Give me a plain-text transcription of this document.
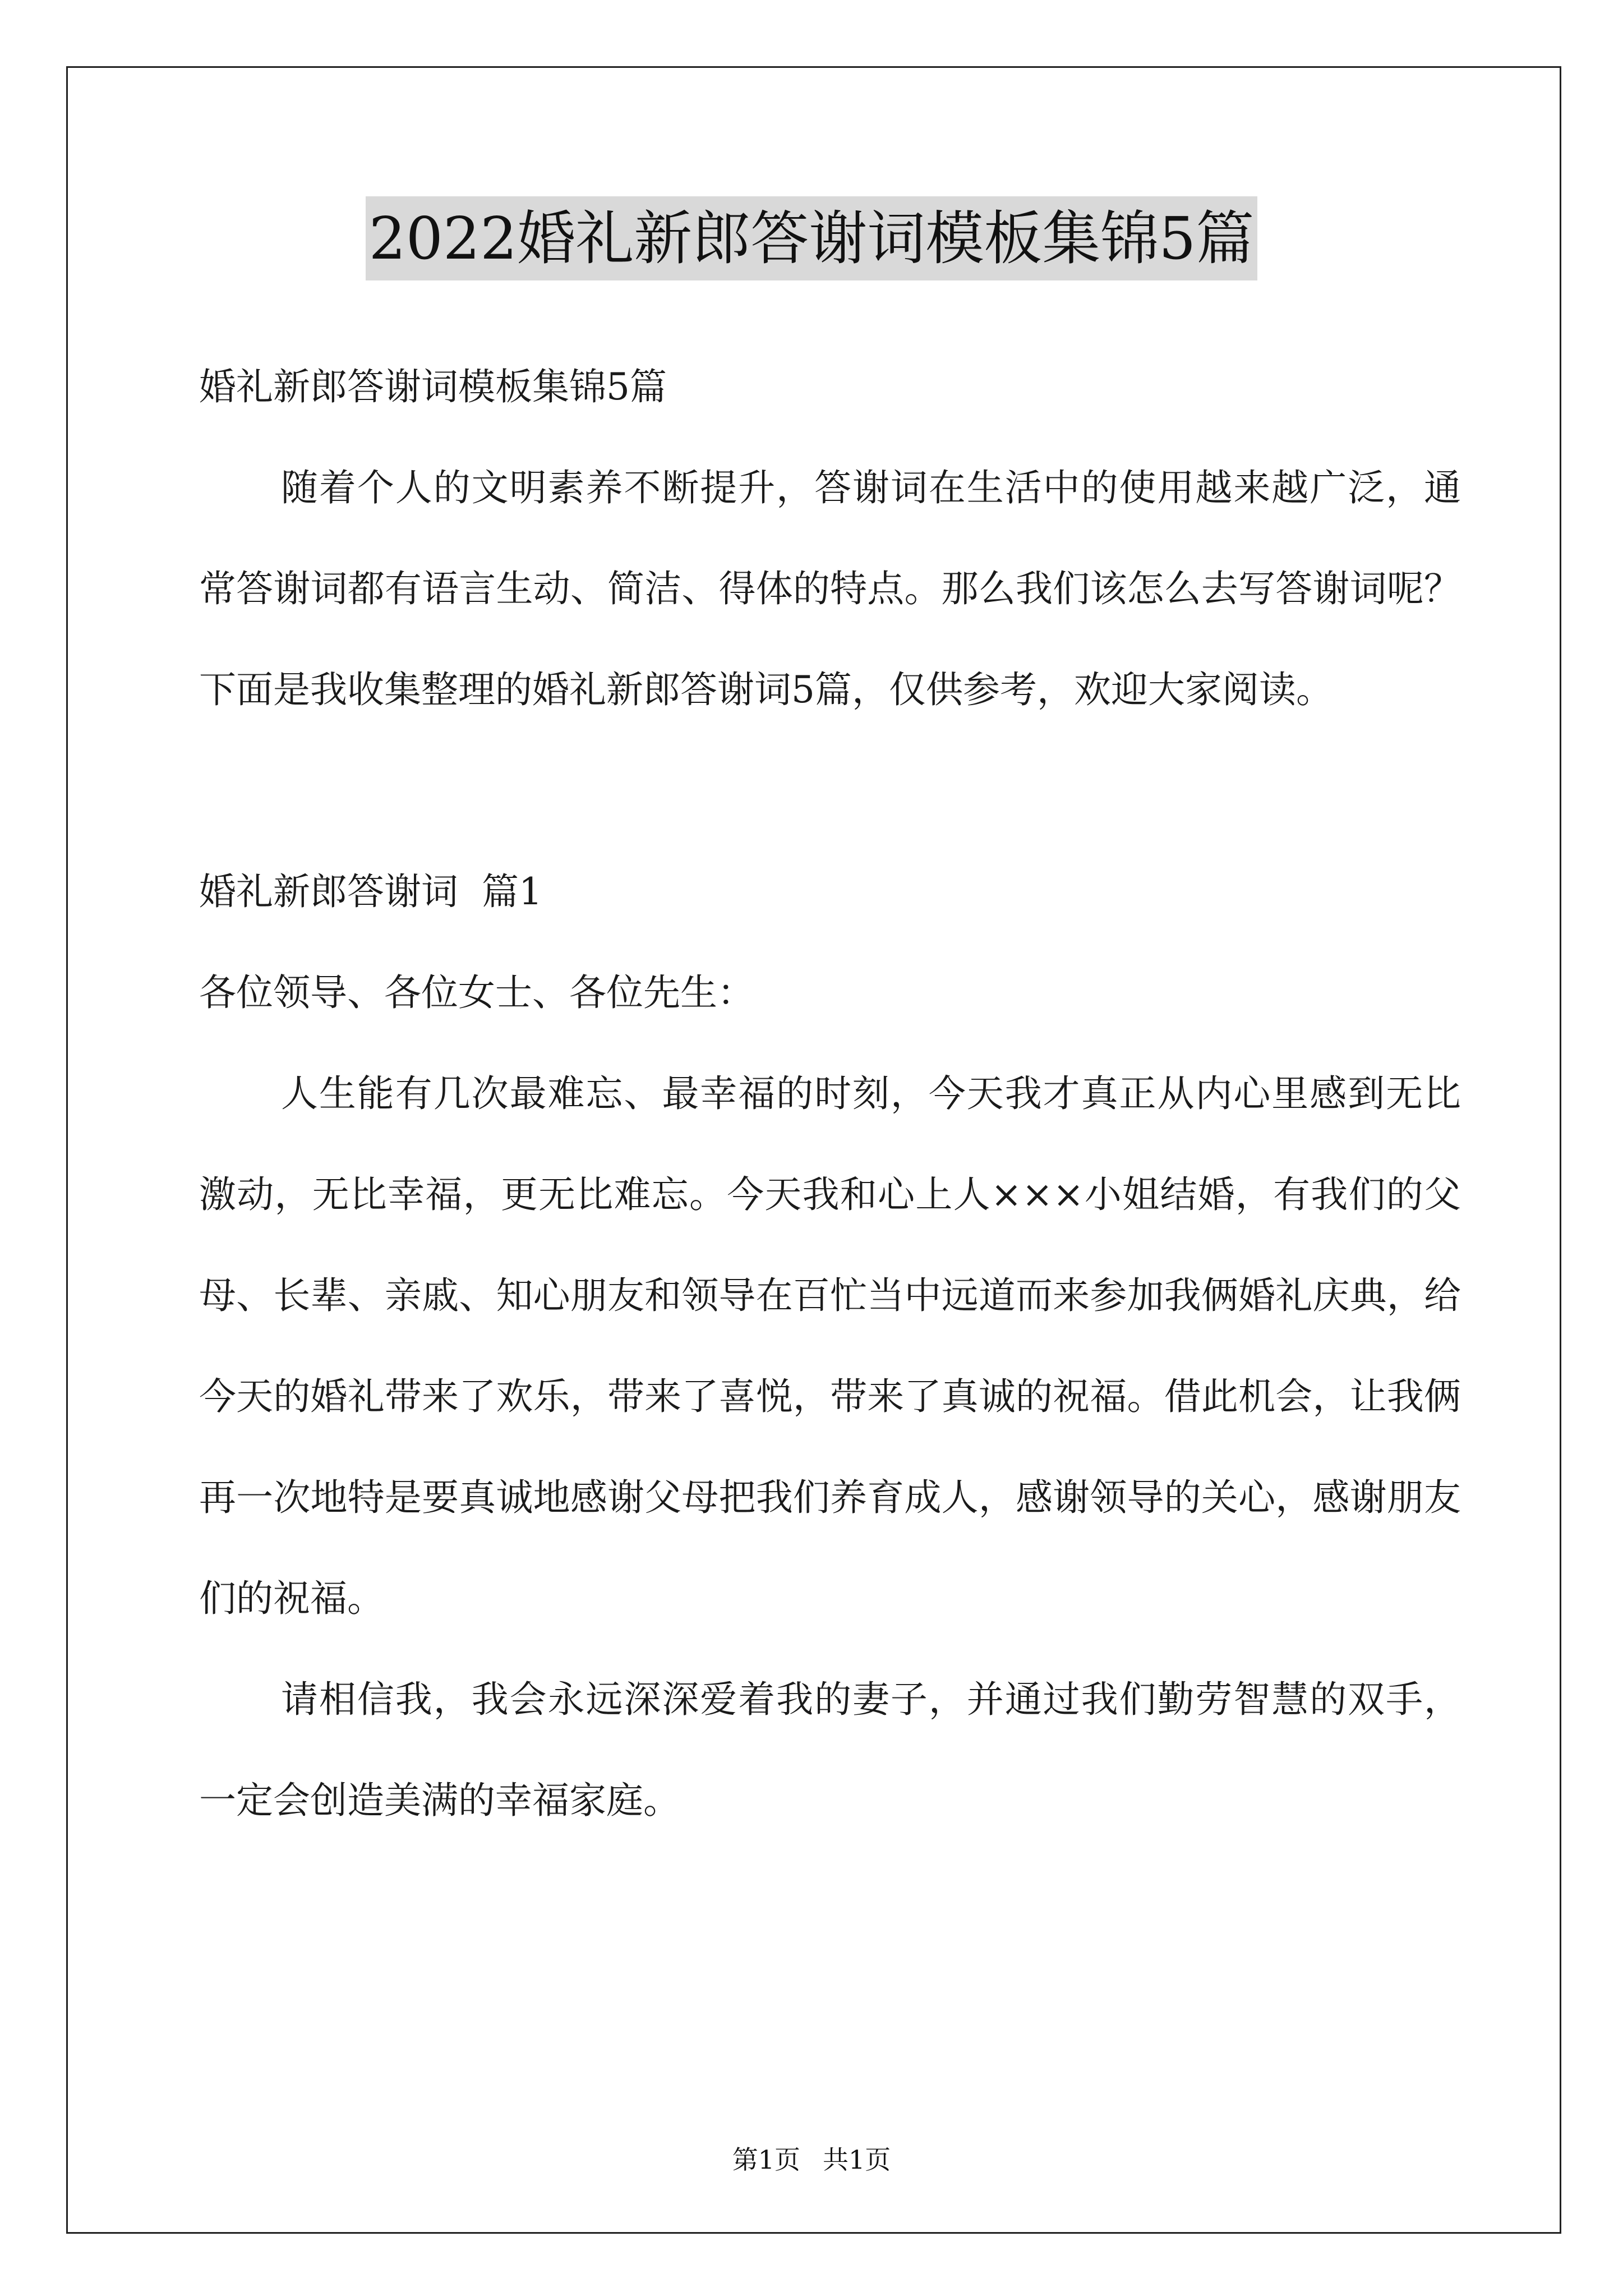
2022婚礼新郎答谢词模板集锦5篇

婚礼新郎答谢词模板集锦5篇

随着个人的文明素养不断提升，答谢词在生活中的使用越来越广泛，通常答谢词都有语言生动、简洁、得体的特点。那么我们该怎么去写答谢词呢？下面是我收集整理的婚礼新郎答谢词5篇，仅供参考，欢迎大家阅读。

婚礼新郎答谢词  篇1

各位领导、各位女士、各位先生：

人生能有几次最难忘、最幸福的时刻，今天我才真正从内心里感到无比激动，无比幸福，更无比难忘。今天我和心上人×××小姐结婚，有我们的父母、长辈、亲戚、知心朋友和领导在百忙当中远道而来参加我俩婚礼庆典，给今天的婚礼带来了欢乐，带来了喜悦，带来了真诚的祝福。借此机会，让我俩再一次地特是要真诚地感谢父母把我们养育成人，感谢领导的关心，感谢朋友们的祝福。

请相信我，我会永远深深爱着我的妻子，并通过我们勤劳智慧的双手，一定会创造美满的幸福家庭。

第1页 共1页
